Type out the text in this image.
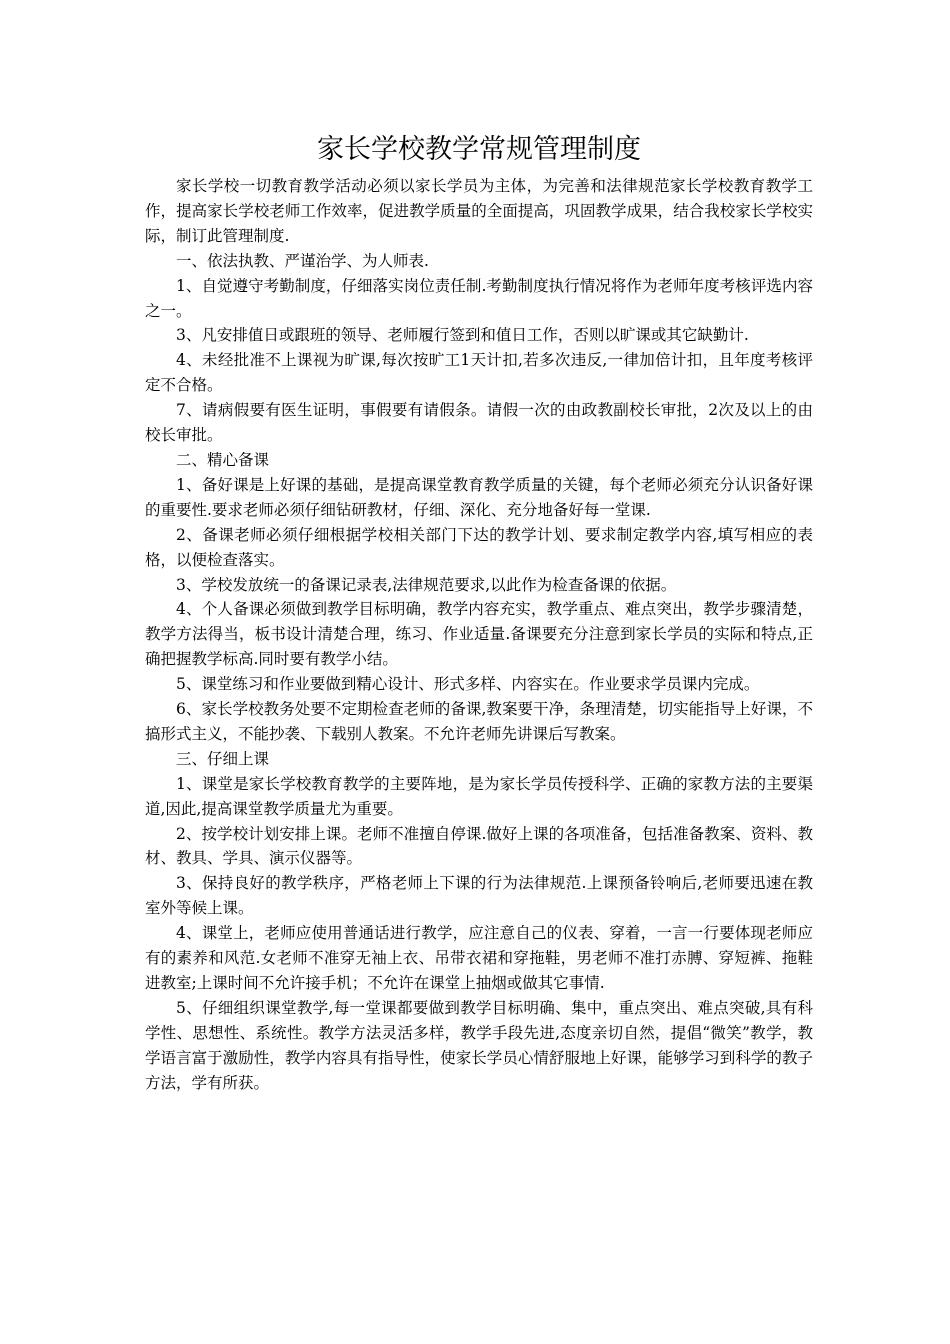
家长学校教学常规管理制度

家长学校一切教育教学活动必须以家长学员为主体，为完善和法律规范家长学校教育教学工作，提高家长学校老师工作效率，促进教学质量的全面提高，巩固教学成果，结合我校家长学校实际，制订此管理制度.

一、依法执教、严谨治学、为人师表.

1、自觉遵守考勤制度，仔细落实岗位责任制.考勤制度执行情况将作为老师年度考核评选内容之一。

3、凡安排值日或跟班的领导、老师履行签到和值日工作，否则以旷课或其它缺勤计.

4、未经批准不上课视为旷课,每次按旷工1天计扣,若多次违反,一律加倍计扣，且年度考核评定不合格。

7、请病假要有医生证明，事假要有请假条。请假一次的由政教副校长审批，2次及以上的由校长审批。

二、精心备课

1、备好课是上好课的基础，是提高课堂教育教学质量的关键，每个老师必须充分认识备好课的重要性.要求老师必须仔细钻研教材，仔细、深化、充分地备好每一堂课.

2、备课老师必须仔细根据学校相关部门下达的教学计划、要求制定教学内容,填写相应的表格，以便检查落实。

3、学校发放统一的备课记录表,法律规范要求,以此作为检查备课的依据。

4、个人备课必须做到教学目标明确，教学内容充实，教学重点、难点突出，教学步骤清楚，教学方法得当，板书设计清楚合理，练习、作业适量.备课要充分注意到家长学员的实际和特点,正确把握教学标高.同时要有教学小结。

5、课堂练习和作业要做到精心设计、形式多样、内容实在。作业要求学员课内完成。

6、家长学校教务处要不定期检查老师的备课,教案要干净，条理清楚，切实能指导上好课，不搞形式主义，不能抄袭、下载别人教案。不允许老师先讲课后写教案。

三、仔细上课

1、课堂是家长学校教育教学的主要阵地，是为家长学员传授科学、正确的家教方法的主要渠道,因此,提高课堂教学质量尤为重要。

2、按学校计划安排上课。老师不准擅自停课.做好上课的各项准备，包括准备教案、资料、教材、教具、学具、演示仪器等。

3、保持良好的教学秩序，严格老师上下课的行为法律规范.上课预备铃响后,老师要迅速在教室外等候上课。

4、课堂上，老师应使用普通话进行教学，应注意自己的仪表、穿着，一言一行要体现老师应有的素养和风范.女老师不准穿无袖上衣、吊带衣裙和穿拖鞋，男老师不准打赤膊、穿短裤、拖鞋进教室;上课时间不允许接手机；不允许在课堂上抽烟或做其它事情.

5、仔细组织课堂教学,每一堂课都要做到教学目标明确、集中，重点突出、难点突破,具有科学性、思想性、系统性。教学方法灵活多样，教学手段先进,态度亲切自然，提倡“微笑”教学，教学语言富于激励性，教学内容具有指导性，使家长学员心情舒服地上好课，能够学习到科学的教子方法，学有所获。
